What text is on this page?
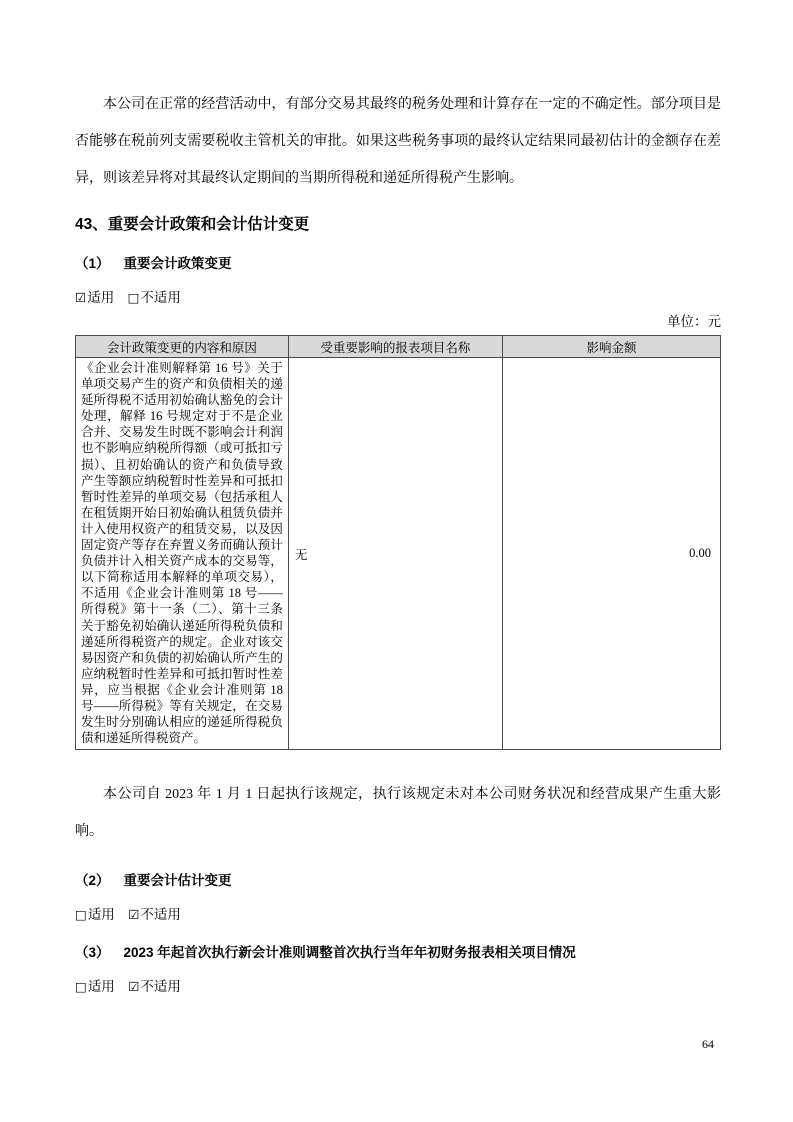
本公司在正常的经营活动中，有部分交易其最终的税务处理和计算存在一定的不确定性。部分项目是否能够在税前列支需要税收主管机关的审批。如果这些税务事项的最终认定结果同最初估计的金额存在差异，则该差异将对其最终认定期间的当期所得税和递延所得税产生影响。

43、重要会计政策和会计估计变更
（1） 重要会计政策变更

☑适用 □不适用

单位：元

会计政策变更的内容和原因	受重要影响的报表项目名称	影响金额
《企业会计准则解释第 16 号》关于单项交易产生的资产和负债相关的递延所得税不适用初始确认豁免的会计处理，解释 16 号规定对于不是企业合并、交易发生时既不影响会计利润也不影响应纳税所得额（或可抵扣亏损）、且初始确认的资产和负债导致产生等额应纳税暂时性差异和可抵扣暂时性差异的单项交易（包括承租人在租赁期开始日初始确认租赁负债并计入使用权资产的租赁交易，以及因固定资产等存在弃置义务而确认预计负债并计入相关资产成本的交易等，以下简称适用本解释的单项交易），不适用《企业会计准则第 18 号——所得税》第十一条（二）、第十三条关于豁免初始确认递延所得税负债和递延所得税资产的规定。企业对该交易因资产和负债的初始确认所产生的应纳税暂时性差异和可抵扣暂时性差异，应当根据《企业会计准则第 18 号——所得税》等有关规定，在交易发生时分别确认相应的递延所得税负债和递延所得税资产。	无	0.00

本公司自 2023 年 1 月 1 日起执行该规定，执行该规定未对本公司财务状况和经营成果产生重大影响。

（2） 重要会计估计变更

□适用 ☑不适用

（3） 2023 年起首次执行新会计准则调整首次执行当年年初财务报表相关项目情况

□适用 ☑不适用

64
